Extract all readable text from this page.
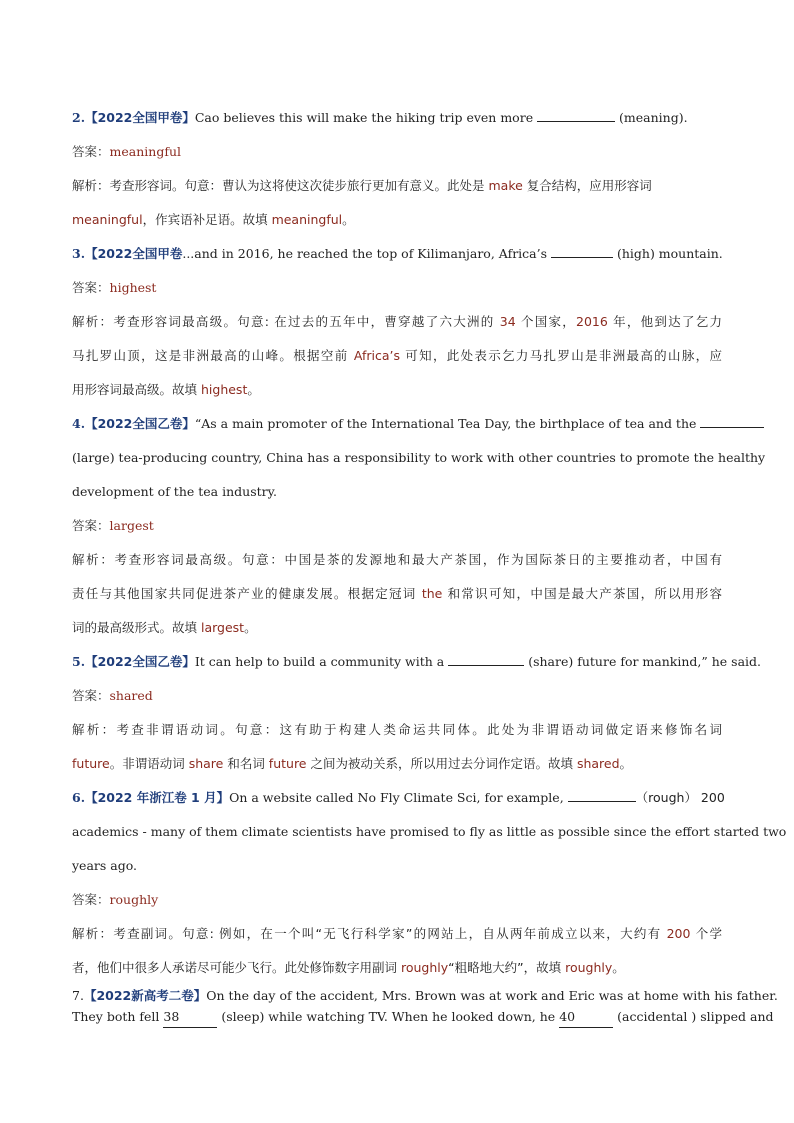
2.【2022全国甲卷】Cao believes this will make the hiking trip even more	(meaning).
答案：meaningful
解析：考查形容词。句意：曹认为这将使这次徒步旅行更加有意义。此处是 make 复合结构，应用形容词
meaningful，作宾语补足语。故填 meaningful。
3.【2022全国甲卷...and in 2016, he reached the top of Kilimanjaro, Africa’s	(high) mountain.
答案：highest
解析：考查形容词最高级。句意: 在过去的五年中，曹穿越了六大洲的 34 个国家，2016 年，他到达了乞力
马扎罗山顶，这是非洲最高的山峰。根据空前 Africa’s 可知，此处表示乞力马扎罗山是非洲最高的山脉，应
用形容词最高级。故填 highest。
4.【2022全国乙卷】“As a main promoter of the International Tea Day, the birthplace of tea and the
(large) tea-producing country, China has a responsibility to work with other countries to promote the healthy
development of the tea industry.
答案：largest
解析：考查形容词最高级。句意：中国是茶的发源地和最大产茶国，作为国际茶日的主要推动者，中国有
责任与其他国家共同促进茶产业的健康发展。根据定冠词 the 和常识可知，中国是最大产茶国，所以用形容
词的最高级形式。故填 largest。
5.【2022全国乙卷】It can help to build a community with a	(share) future for mankind,” he said.
答案：shared
解析：考查非谓语动词。句意：这有助于构建人类命运共同体。此处为非谓语动词做定语来修饰名词
future。非谓语动词 share 和名词 future 之间为被动关系，所以用过去分词作定语。故填 shared。
6.【2022 年浙江卷 1 月】On a website called No Fly Climate Sci, for example,	（rough） 200
academics - many of them climate scientists have promised to fly as little as possible since the effort started two
years ago.
答案：roughly
解析：考查副词。句意: 例如，在一个叫“无飞行科学家”的网站上，自从两年前成立以来，大约有 200 个学
者，他们中很多人承诺尽可能少飞行。此处修饰数字用副词 roughly“粗略地大约”，故填 roughly。
7.【2022新高考二卷】On the day of the accident, Mrs. Brown was at work and Eric was at home with his father.
They both fell 38	(sleep) while watching TV. When he looked down, he 40	(accidental ) slipped and
